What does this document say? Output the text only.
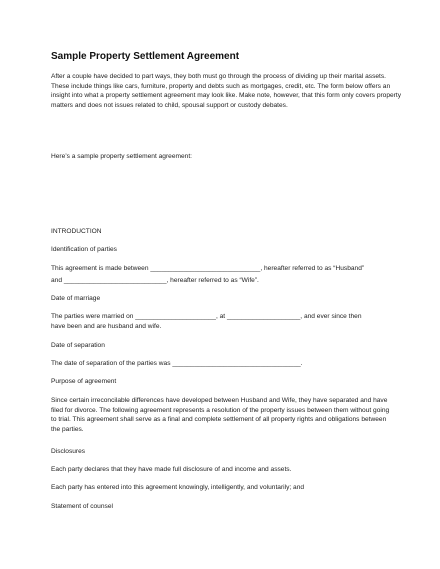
Sample Property Settlement Agreement

After a couple have decided to part ways, they both must go through the process of dividing up their marital assets. These include things like cars, furniture, property and debts such as mortgages, credit, etc. The form below offers an insight into what a property settlement agreement may look like. Make note, however, that this form only covers property matters and does not issues related to child, spousal support or custody debates.

Here’s a sample property settlement agreement:
INTRODUCTION
Identification of parties
This agreement is made between ______________________________, hereafter referred to as “Husband”
and ____________________________, hereafter referred to as “Wife”.
Date of marriage
The parties were married on ______________________, at ____________________, and ever since then
have been and are husband and wife.
Date of separation
The date of separation of the parties was ___________________________________.
Purpose of agreement

Since certain irreconcilable differences have developed between Husband and Wife, they have separated and have filed for divorce. The following agreement represents a resolution of the property issues between them without going to trial. This agreement shall serve as a final and complete settlement of all property rights and obligations between the parties.

Disclosures
Each party declares that they have made full disclosure of and income and assets.
Each party has entered into this agreement knowingly, intelligently, and voluntarily; and
Statement of counsel
